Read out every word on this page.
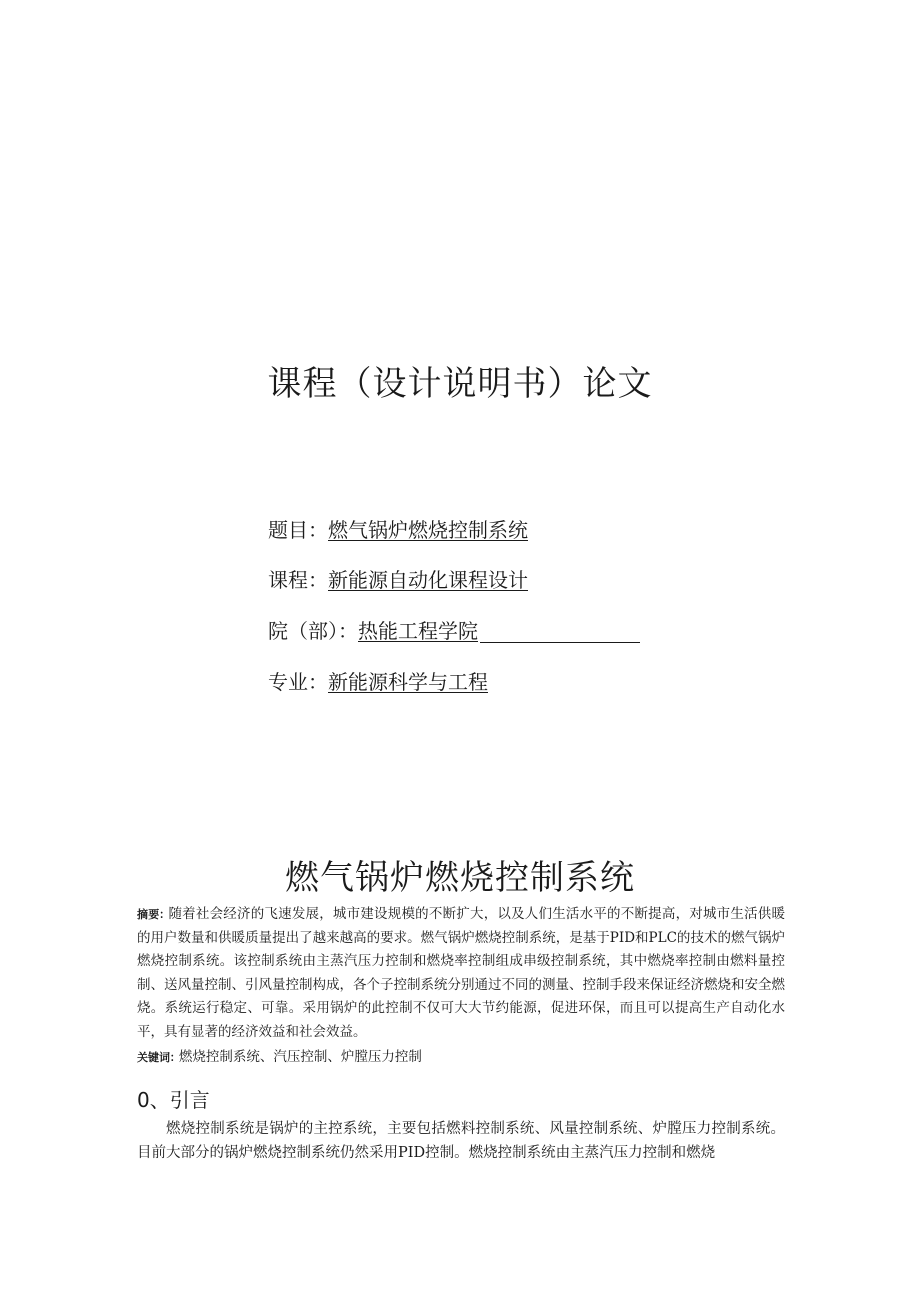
课程（设计说明书）论文
题目：燃气锅炉燃烧控制系统
课程：新能源自动化课程设计
院（部）：热能工程学院
专业：新能源科学与工程
燃气锅炉燃烧控制系统
摘要: 随着社会经济的飞速发展，城市建设规模的不断扩大，以及人们生活水平的不断提高，对城市生活供暖的用户数量和供暖质量提出了越来越高的要求。燃气锅炉燃烧控制系统，是基于PID和PLC的技术的燃气锅炉燃烧控制系统。该控制系统由主蒸汽压力控制和燃烧率控制组成串级控制系统，其中燃烧率控制由燃料量控制、送风量控制、引风量控制构成，各个子控制系统分别通过不同的测量、控制手段来保证经济燃烧和安全燃烧。系统运行稳定、可靠。采用锅炉的此控制不仅可大大节约能源，促进环保，而且可以提高生产自动化水平，具有显著的经济效益和社会效益。
关键词: 燃烧控制系统、汽压控制、炉膛压力控制
0、引言
燃烧控制系统是锅炉的主控系统，主要包括燃料控制系统、风量控制系统、炉膛压力控制系统。目前大部分的锅炉燃烧控制系统仍然采用PID控制。燃烧控制系统由主蒸汽压力控制和燃烧
